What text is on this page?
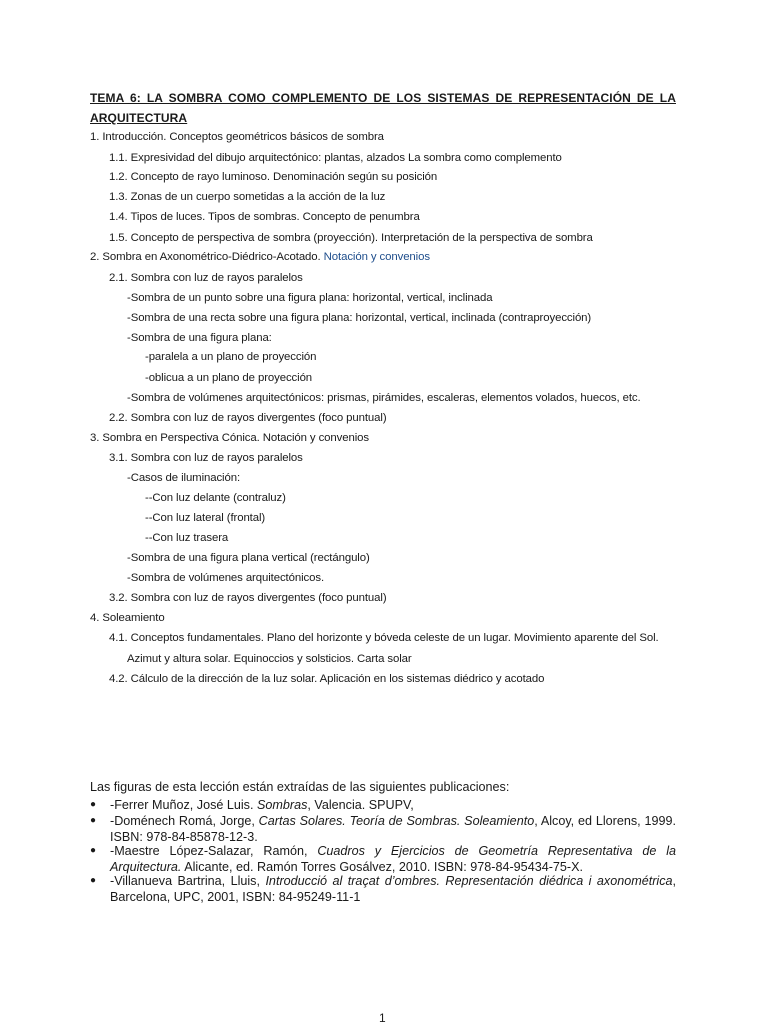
TEMA 6: LA SOMBRA COMO COMPLEMENTO DE LOS SISTEMAS DE REPRESENTACIÓN DE LA ARQUITECTURA
1. Introducción. Conceptos geométricos básicos de sombra
1.1. Expresividad del dibujo arquitectónico: plantas, alzados La sombra como complemento
1.2. Concepto de rayo luminoso. Denominación según su posición
1.3. Zonas de un cuerpo sometidas a la acción de la luz
1.4. Tipos de luces. Tipos de sombras. Concepto de penumbra
1.5. Concepto de perspectiva de sombra (proyección). Interpretación de la perspectiva de sombra
2. Sombra en Axonométrico-Diédrico-Acotado. Notación y convenios
2.1. Sombra con luz de rayos paralelos
-Sombra de un punto sobre una figura plana: horizontal, vertical, inclinada
-Sombra de una recta sobre una figura plana: horizontal, vertical, inclinada (contraproyección)
-Sombra de una figura plana:
-paralela a un plano de proyección
-oblicua a un plano de proyección
-Sombra de volúmenes arquitectónicos: prismas, pirámides, escaleras, elementos volados, huecos, etc.
2.2. Sombra con luz de rayos divergentes (foco puntual)
3. Sombra en Perspectiva Cónica. Notación y convenios
3.1. Sombra con luz de rayos paralelos
-Casos de iluminación:
--Con luz delante (contraluz)
--Con luz lateral (frontal)
--Con luz trasera
-Sombra de una figura plana vertical (rectángulo)
-Sombra de volúmenes arquitectónicos.
3.2. Sombra con luz de rayos divergentes (foco puntual)
4. Soleamiento
4.1. Conceptos fundamentales. Plano del horizonte y bóveda celeste de un lugar. Movimiento aparente del Sol.
Azimut y altura solar. Equinoccios y solsticios. Carta solar
4.2. Cálculo de la dirección de la luz solar. Aplicación en los sistemas diédrico y acotado
Las figuras de esta lección están extraídas de las siguientes publicaciones:
●	-Ferrer Muñoz, José Luis. Sombras, Valencia. SPUPV,
●	-Doménech Romá, Jorge, Cartas Solares. Teoría de Sombras. Soleamiento, Alcoy, ed Llorens, 1999. ISBN: 978-84-85878-12-3.
●	-Maestre López-Salazar, Ramón, Cuadros y Ejercicios de Geometría Representativa de la Arquitectura. Alicante, ed. Ramón Torres Gosálvez, 2010. ISBN: 978-84-95434-75-X.
●	-Villanueva Bartrina, Lluis, Introducció al traçat d’ombres. Representación diédrica i axonométrica, Barcelona, UPC, 2001, ISBN: 84-95249-11-1
1
